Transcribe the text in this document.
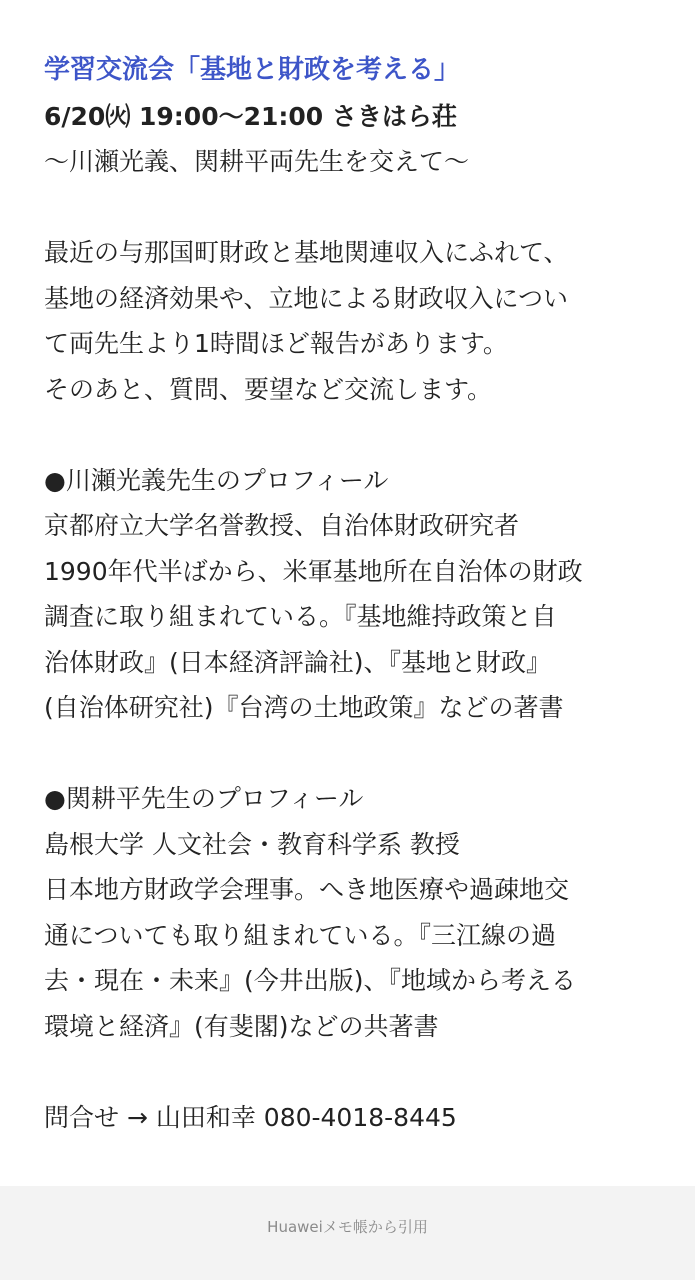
学習交流会「基地と財政を考える」
6/20㈫ 19:00〜21:00 さきはら荘
〜川瀬光義、関耕平両先生を交えて〜
最近の与那国町財政と基地関連収入にふれて、
基地の経済効果や、立地による財政収入につい
て両先生より1時間ほど報告があります。
そのあと、質問、要望など交流します。
●川瀬光義先生のプロフィール
京都府立大学名誉教授、自治体財政研究者
1990年代半ばから、米軍基地所在自治体の財政
調査に取り組まれている。『基地維持政策と自
治体財政』(日本経済評論社)、『基地と財政』
(自治体研究社)『台湾の土地政策』などの著書
●関耕平先生のプロフィール
島根大学 人文社会・教育科学系 教授
日本地方財政学会理事。へき地医療や過疎地交
通についても取り組まれている。『三江線の過
去・現在・未来』(今井出版)、『地域から考える
環境と経済』(有斐閣)などの共著書
問合せ → 山田和幸 080-4018-8445
Huaweiメモ帳から引用
